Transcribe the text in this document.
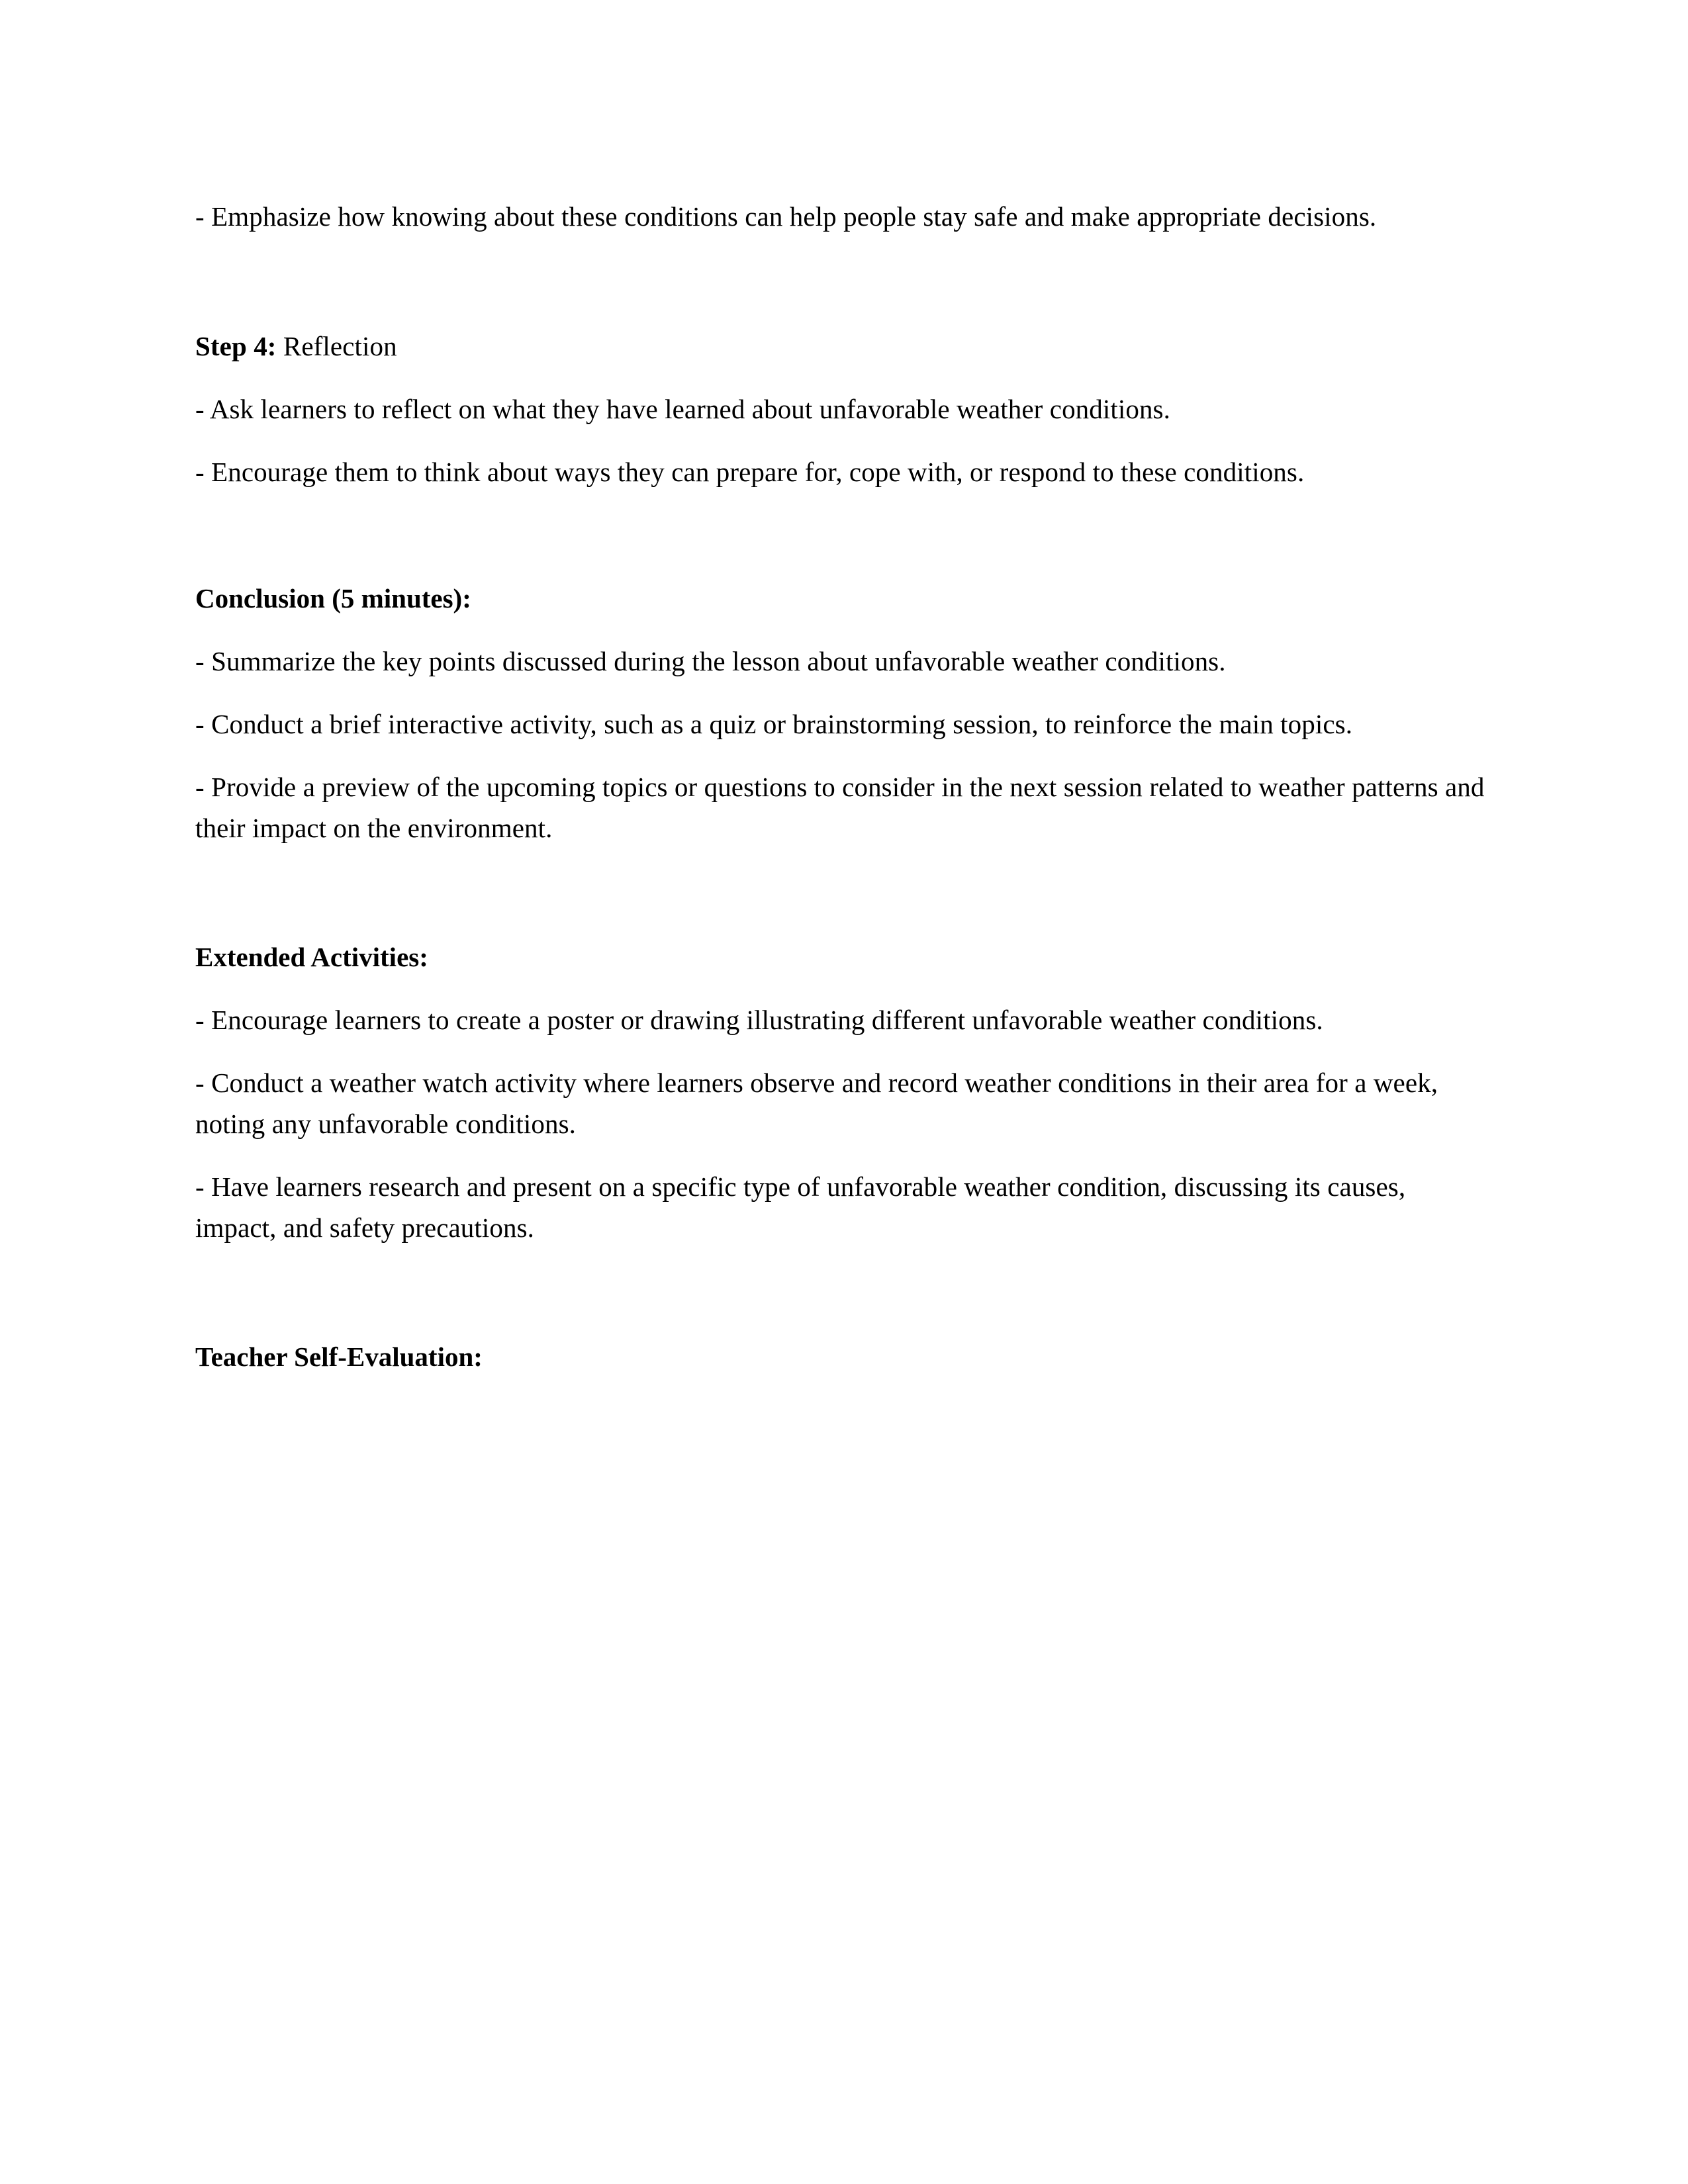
- Emphasize how knowing about these conditions can help people stay safe and make appropriate decisions.

Step 4: Reflection

- Ask learners to reflect on what they have learned about unfavorable weather conditions.

- Encourage them to think about ways they can prepare for, cope with, or respond to these conditions.

Conclusion (5 minutes):

- Summarize the key points discussed during the lesson about unfavorable weather conditions.

- Conduct a brief interactive activity, such as a quiz or brainstorming session, to reinforce the main topics.

- Provide a preview of the upcoming topics or questions to consider in the next session related to weather patterns and their impact on the environment.

Extended Activities:

- Encourage learners to create a poster or drawing illustrating different unfavorable weather conditions.

- Conduct a weather watch activity where learners observe and record weather conditions in their area for a week, noting any unfavorable conditions.

- Have learners research and present on a specific type of unfavorable weather condition, discussing its causes, impact, and safety precautions.

Teacher Self-Evaluation:
